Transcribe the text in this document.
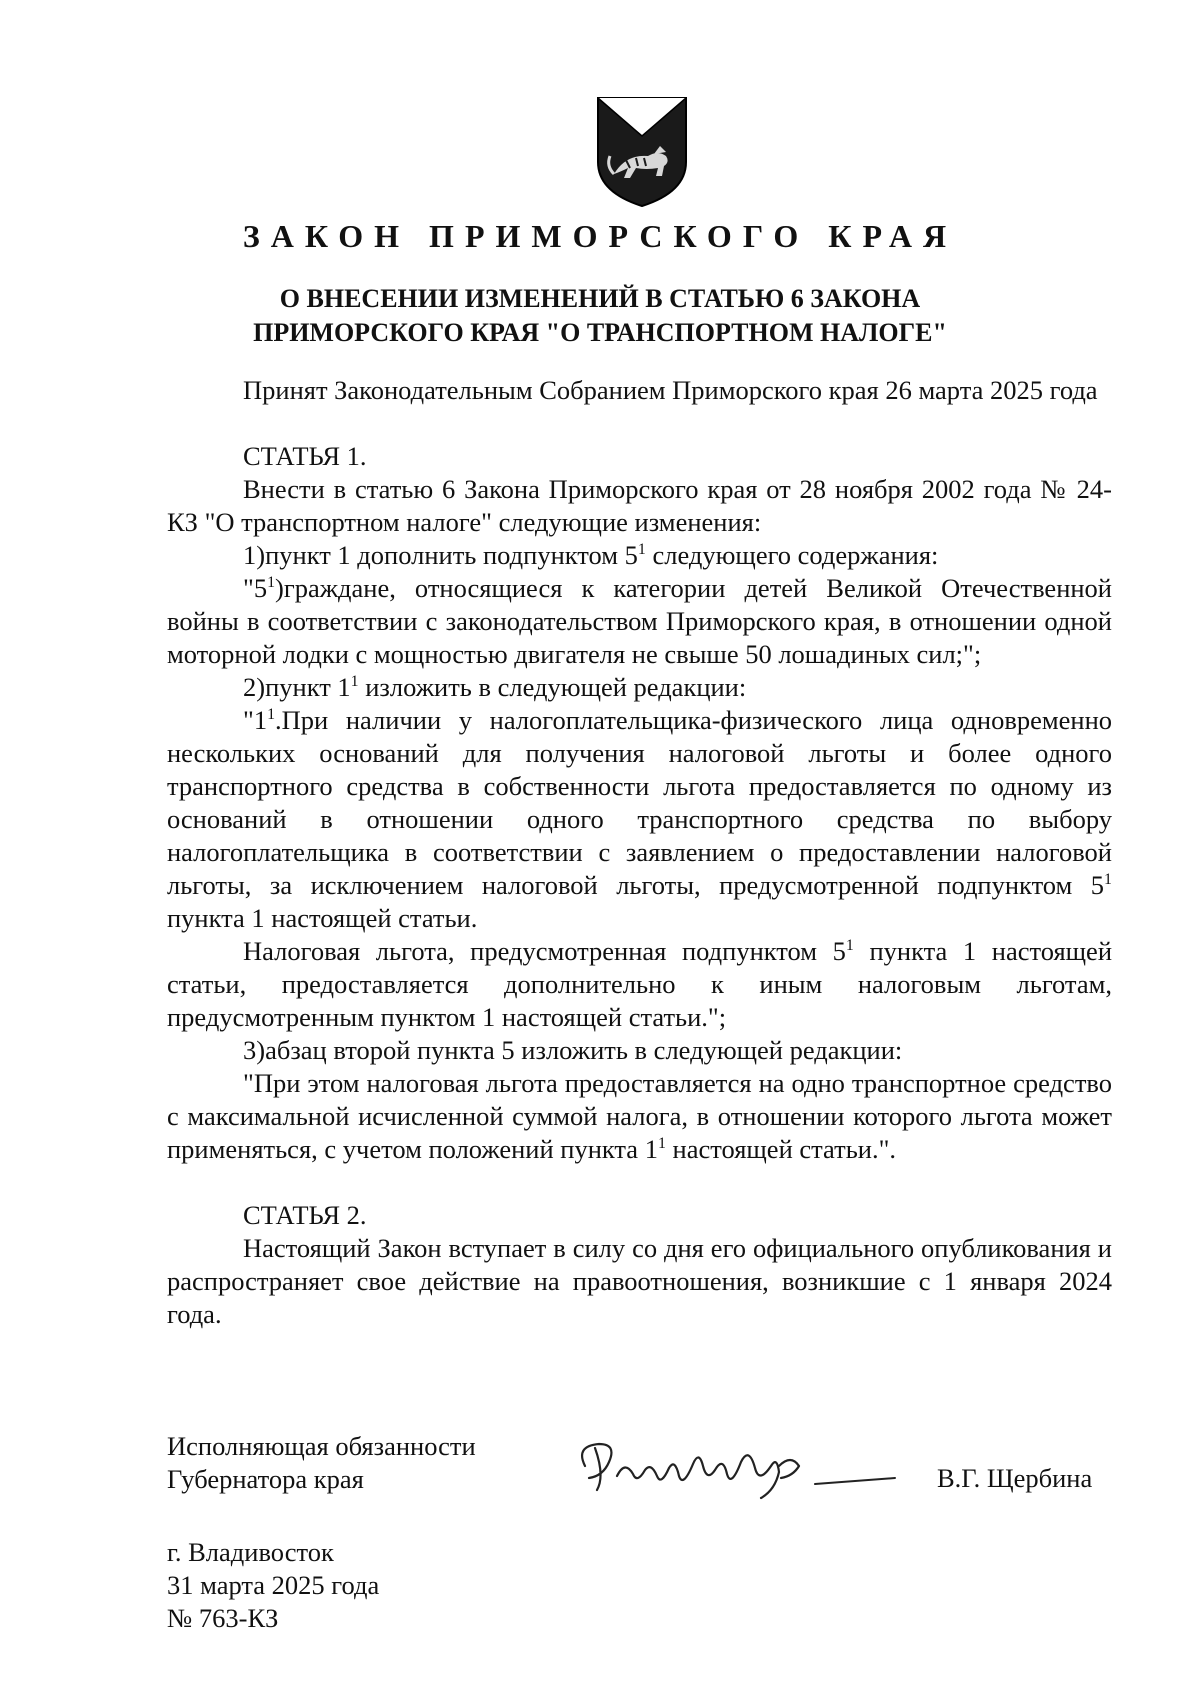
ЗАКОН ПРИМОРСКОГО КРАЯ
О ВНЕСЕНИИ ИЗМЕНЕНИЙ В СТАТЬЮ 6 ЗАКОНА
ПРИМОРСКОГО КРАЯ "О ТРАНСПОРТНОМ НАЛОГЕ"

Принят Законодательным Собранием Приморского края 26 марта 2025 года

СТАТЬЯ 1.

Внести в статью 6 Закона Приморского края от 28 ноября 2002 года № 24-КЗ "О транспортном налоге" следующие изменения:

1)пункт 1 дополнить подпунктом $5^1$ следующего содержания:

"$5^1)граждане$, относящиеся к категории детей Великой Отечественной войны в соответствии с законодательством Приморского края, в отношении одной моторной лодки с мощностью двигателя не свыше 50 лошадиных сил;";

2)пункт $1^1$ изложить в следующей редакции:

"$1^1.При$ наличии у налогоплательщика-физического лица одновременно нескольких оснований для получения налоговой льготы и более одного транспортного средства в собственности льгота предоставляется по одному из оснований в отношении одного транспортного средства по выбору налогоплательщика в соответствии с заявлением о предоставлении налоговой льготы, за исключением налоговой льготы, предусмотренной подпунктом $5^1$ пункта 1 настоящей статьи.

Налоговая льгота, предусмотренная подпунктом $5^1$ пункта 1 настоящей статьи, предоставляется дополнительно к иным налоговым льготам, предусмотренным пунктом 1 настоящей статьи.";

3)абзац второй пункта 5 изложить в следующей редакции:

"При этом налоговая льгота предоставляется на одно транспортное средство с максимальной исчисленной суммой налога, в отношении которого льгота может применяться, с учетом положений пункта $1^1$ настоящей статьи.".

СТАТЬЯ 2.

Настоящий Закон вступает в силу со дня его официального опубликования и распространяет свое действие на правоотношения, возникшие с 1 января 2024 года.

Исполняющая обязанности
Губернатора края	В.Г. Щербина
г. Владивосток
31 марта 2025 года
№ 763-КЗ
